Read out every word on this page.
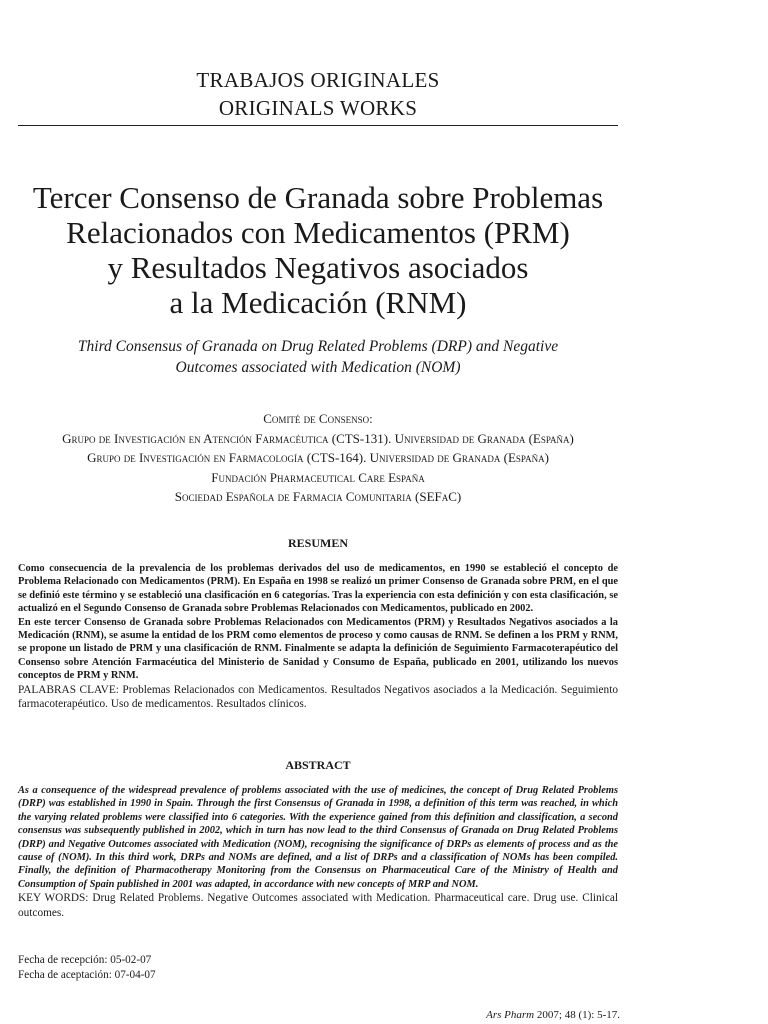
TRABAJOS ORIGINALES
ORIGINALS WORKS
Tercer Consenso de Granada sobre Problemas
Relacionados con Medicamentos (PRM)
y Resultados Negativos asociados
a la Medicación (RNM)
Third Consensus of Granada on Drug Related Problems (DRP) and Negative
Outcomes associated with Medication (NOM)
Comité de Consenso:
Grupo de Investigación en Atención Farmacéutica (CTS-131). Universidad de Granada (España)
Grupo de Investigación en Farmacología (CTS-164). Universidad de Granada (España)
Fundación Pharmaceutical Care España
Sociedad Española de Farmacia Comunitaria (SEFaC)
RESUMEN

Como consecuencia de la prevalencia de los problemas derivados del uso de medicamentos, en 1990 se estableció el concepto de Problema Relacionado con Medicamentos (PRM). En España en 1998 se realizó un primer Consenso de Granada sobre PRM, en el que se definió este término y se estableció una clasificación en 6 categorías. Tras la experiencia con esta definición y con esta clasificación, se actualizó en el Segundo Consenso de Granada sobre Problemas Relacionados con Medicamentos, publicado en 2002.

En este tercer Consenso de Granada sobre Problemas Relacionados con Medicamentos (PRM) y Resultados Negativos asociados a la Medicación (RNM), se asume la entidad de los PRM como elementos de proceso y como causas de RNM. Se definen a los PRM y RNM, se propone un listado de PRM y una clasificación de RNM. Finalmente se adapta la definición de Seguimiento Farmacoterapéutico del Consenso sobre Atención Farmacéutica del Ministerio de Sanidad y Consumo de España, publicado en 2001, utilizando los nuevos conceptos de PRM y RNM.

PALABRAS CLAVE: Problemas Relacionados con Medicamentos. Resultados Negativos asociados a la Medicación. Seguimiento farmacoterapéutico. Uso de medicamentos. Resultados clínicos.

ABSTRACT

As a consequence of the widespread prevalence of problems associated with the use of medicines, the concept of Drug Related Problems (DRP) was established in 1990 in Spain. Through the first Consensus of Granada in 1998, a definition of this term was reached, in which the varying related problems were classified into 6 categories. With the experience gained from this definition and classification, a second consensus was subsequently published in 2002, which in turn has now lead to the third Consensus of Granada on Drug Related Problems (DRP) and Negative Outcomes associated with Medication (NOM), recognising the significance of DRPs as elements of process and as the cause of (NOM). In this third work, DRPs and NOMs are defined, and a list of DRPs and a classification of NOMs has been compiled. Finally, the definition of Pharmacotherapy Monitoring from the Consensus on Pharmaceutical Care of the Ministry of Health and Consumption of Spain published in 2001 was adapted, in accordance with new concepts of MRP and NOM.

KEY WORDS: Drug Related Problems. Negative Outcomes associated with Medication. Pharmaceutical care. Drug use. Clinical outcomes.

Fecha de recepción: 05-02-07
Fecha de aceptación: 07-04-07
Ars Pharm 2007; 48 (1): 5-17.
